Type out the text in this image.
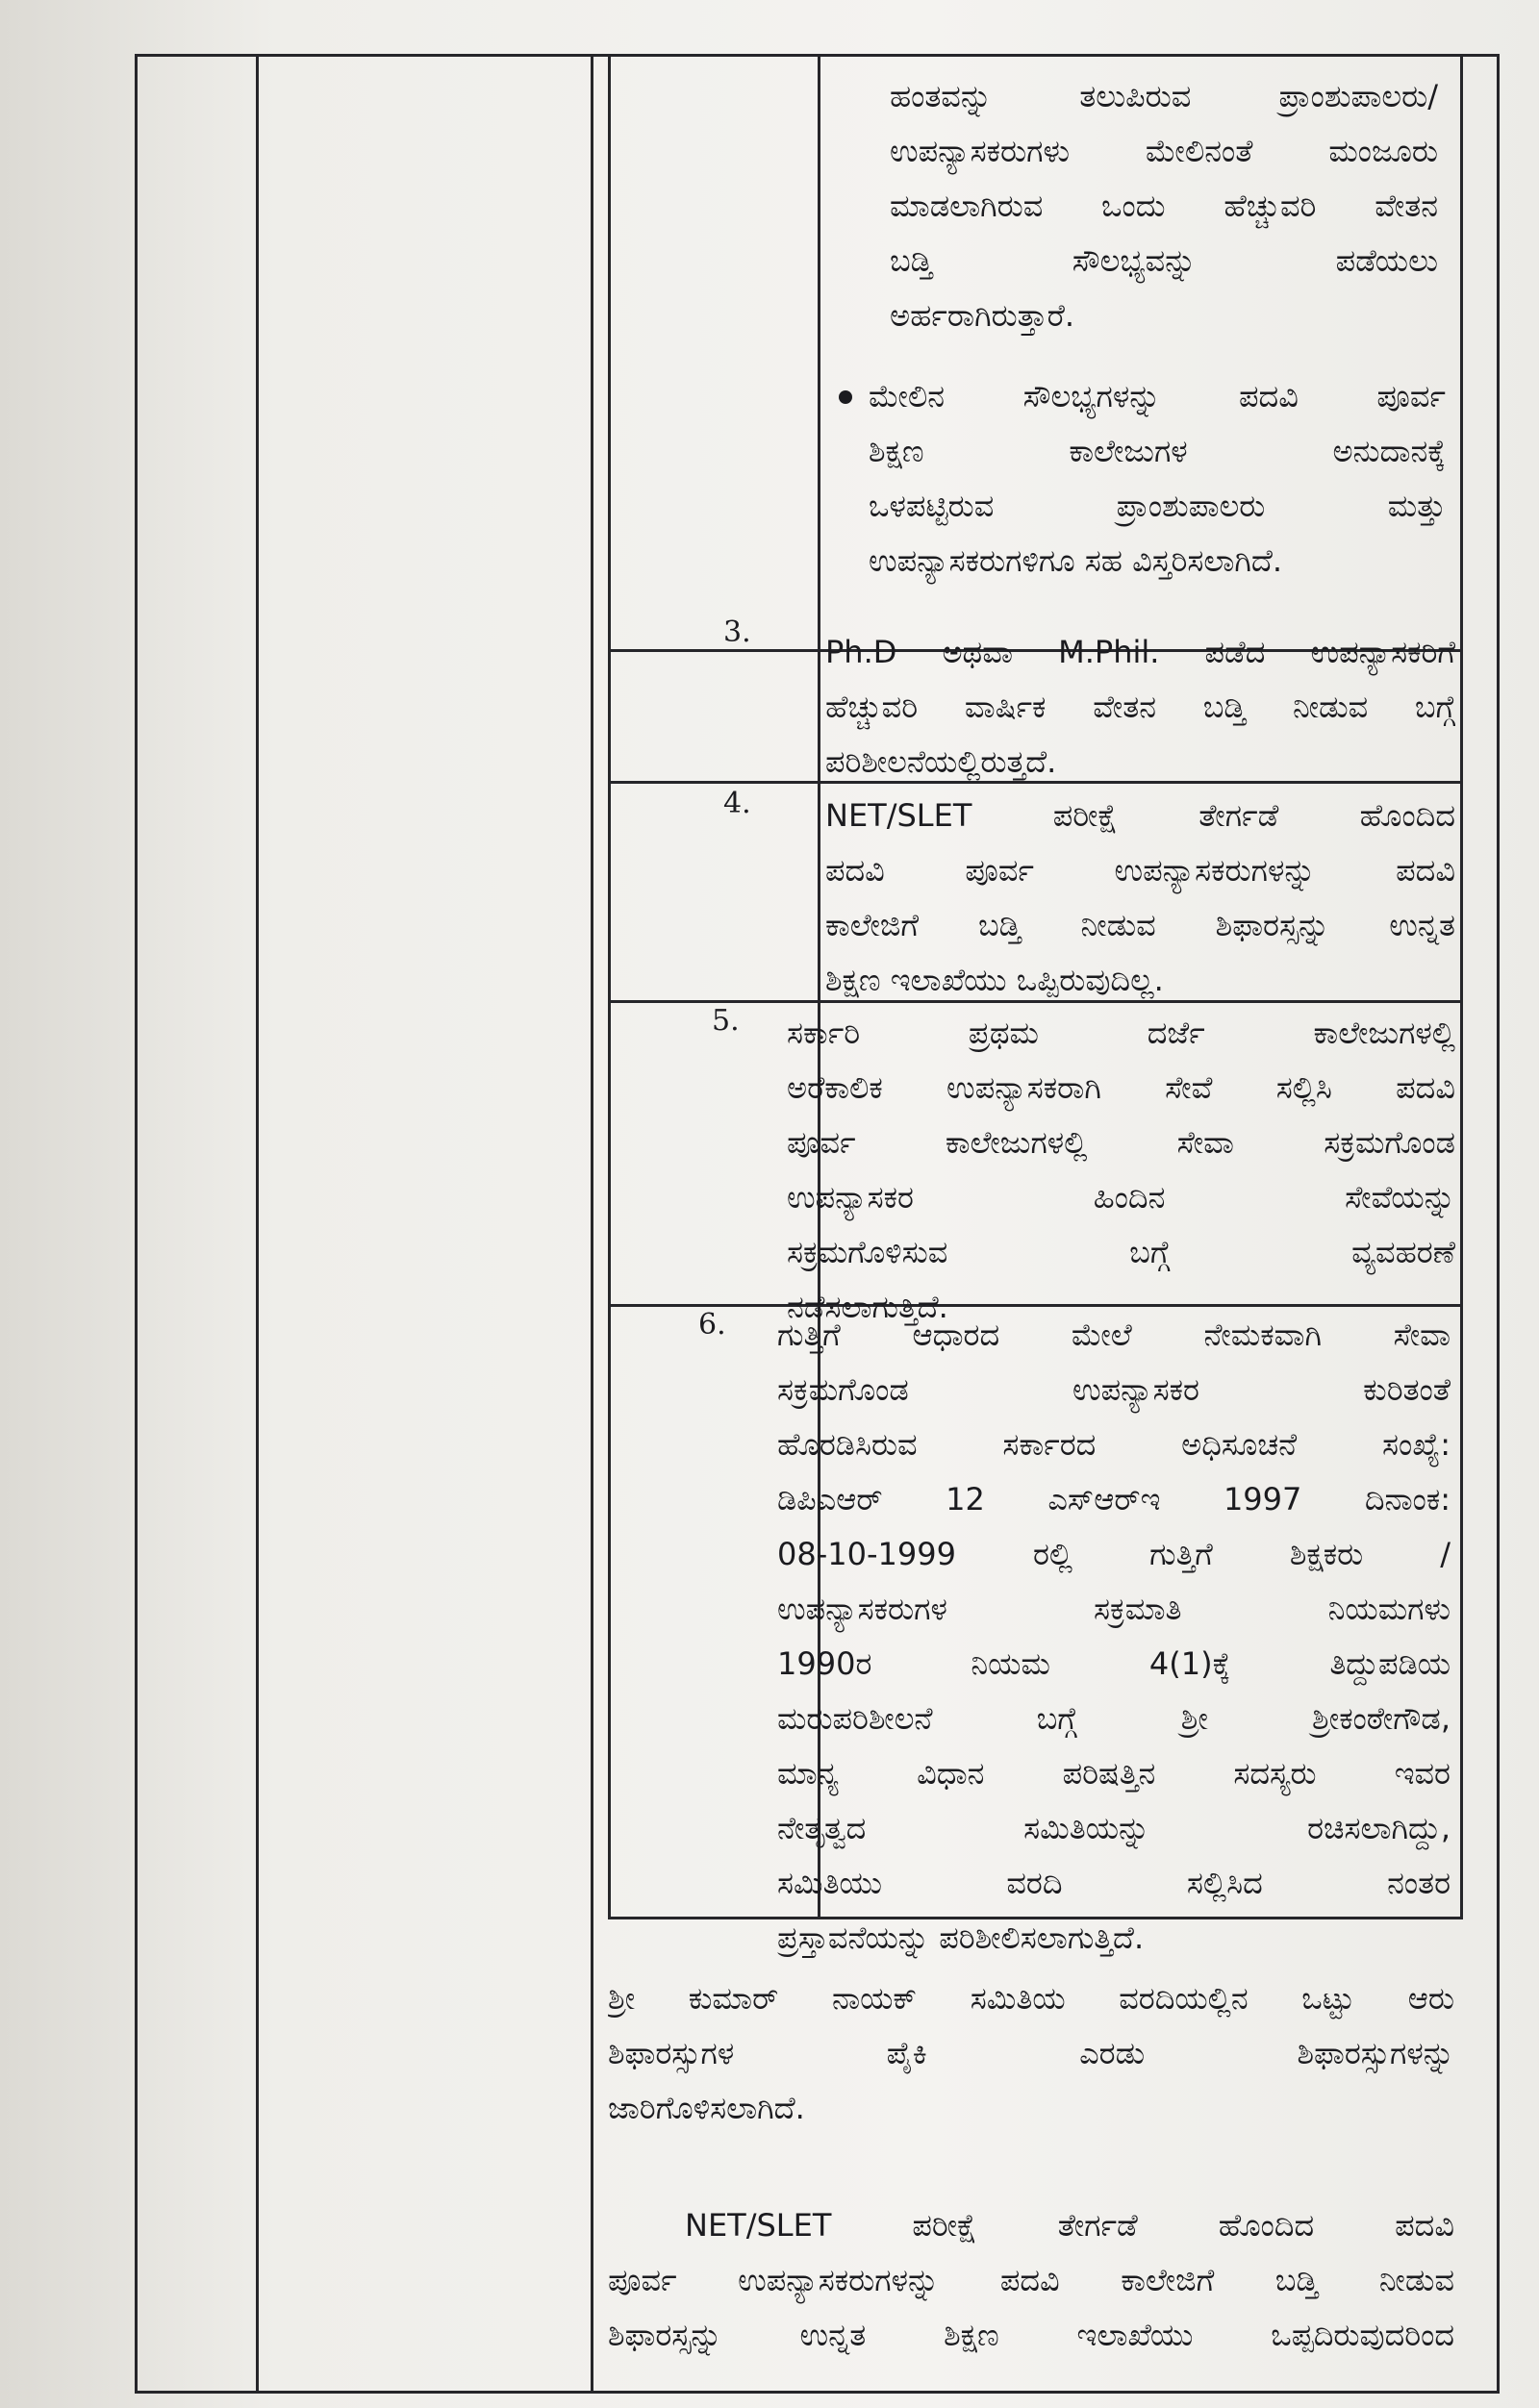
ಹಂತವನ್ನು ತಲುಪಿರುವ ಪ್ರಾಂಶುಪಾಲರು/
ಉಪನ್ಯಾಸಕರುಗಳು ಮೇಲಿನಂತೆ ಮಂಜೂರು
ಮಾಡಲಾಗಿರುವ ಒಂದು ಹೆಚ್ಚುವರಿ ವೇತನ
ಬಡ್ತಿ ಸೌಲಭ್ಯವನ್ನು ಪಡೆಯಲು
ಅರ್ಹರಾಗಿರುತ್ತಾರೆ.
ಮೇಲಿನ ಸೌಲಭ್ಯಗಳನ್ನು ಪದವಿ ಪೂರ್ವ
ಶಿಕ್ಷಣ ಕಾಲೇಜುಗಳ ಅನುದಾನಕ್ಕೆ
ಒಳಪಟ್ಟಿರುವ ಪ್ರಾಂಶುಪಾಲರು ಮತ್ತು
ಉಪನ್ಯಾಸಕರುಗಳಿಗೂ ಸಹ ವಿಸ್ತರಿಸಲಾಗಿದೆ.
3.
Ph.D ಅಥವಾ M.Phil. ಪಡೆದ ಉಪನ್ಯಾಸಕರಿಗೆ
ಹೆಚ್ಚುವರಿ ವಾರ್ಷಿಕ ವೇತನ ಬಡ್ತಿ ನೀಡುವ ಬಗ್ಗೆ
ಪರಿಶೀಲನೆಯಲ್ಲಿರುತ್ತದೆ.
4. NET/SLET ಪರೀಕ್ಷೆ ತೇರ್ಗಡೆ ಹೊಂದಿದ
ಪದವಿ ಪೂರ್ವ ಉಪನ್ಯಾಸಕರುಗಳನ್ನು ಪದವಿ
ಕಾಲೇಜಿಗೆ ಬಡ್ತಿ ನೀಡುವ ಶಿಫಾರಸ್ಸನ್ನು ಉನ್ನತ
ಶಿಕ್ಷಣ ಇಲಾಖೆಯು ಒಪ್ಪಿರುವುದಿಲ್ಲ.
5. ಸರ್ಕಾರಿ ಪ್ರಥಮ ದರ್ಜೆ ಕಾಲೇಜುಗಳಲ್ಲಿ
ಅರೆಕಾಲಿಕ ಉಪನ್ಯಾಸಕರಾಗಿ ಸೇವೆ ಸಲ್ಲಿಸಿ ಪದವಿ
ಪೂರ್ವ ಕಾಲೇಜುಗಳಲ್ಲಿ ಸೇವಾ ಸಕ್ರಮಗೊಂಡ
ಉಪನ್ಯಾಸಕರ ಹಿಂದಿನ ಸೇವೆಯನ್ನು
ಸಕ್ರಮಗೊಳಿಸುವ ಬಗ್ಗೆ ವ್ಯವಹರಣೆ
ನಡೆಸಲಾಗುತ್ತಿದೆ.
6. ಗುತ್ತಿಗೆ ಆಧಾರದ ಮೇಲೆ ನೇಮಕವಾಗಿ ಸೇವಾ
ಸಕ್ರಮಗೊಂಡ ಉಪನ್ಯಾಸಕರ ಕುರಿತಂತೆ
ಹೊರಡಿಸಿರುವ ಸರ್ಕಾರದ ಅಧಿಸೂಚನೆ ಸಂಖ್ಯೆ:
ಡಿಪಿಎಆರ್ 12 ಎಸ್‌ಆರ್‌ಇ 1997 ದಿನಾಂಕ:
08-10-1999 ರಲ್ಲಿ ಗುತ್ತಿಗೆ ಶಿಕ್ಷಕರು /
ಉಪನ್ಯಾಸಕರುಗಳ ಸಕ್ರಮಾತಿ ನಿಯಮಗಳು
1990ರ ನಿಯಮ 4(1)ಕ್ಕೆ ತಿದ್ದುಪಡಿಯ
ಮರುಪರಿಶೀಲನೆ ಬಗ್ಗೆ ಶ್ರೀ ಶ್ರೀಕಂಠೇಗೌಡ,
ಮಾನ್ಯ ವಿಧಾನ ಪರಿಷತ್ತಿನ ಸದಸ್ಯರು ಇವರ
ನೇತೃತ್ವದ ಸಮಿತಿಯನ್ನು ರಚಿಸಲಾಗಿದ್ದು,
ಸಮಿತಿಯು ವರದಿ ಸಲ್ಲಿಸಿದ ನಂತರ
ಪ್ರಸ್ತಾವನೆಯನ್ನು ಪರಿಶೀಲಿಸಲಾಗುತ್ತಿದೆ.
ಶ್ರೀ ಕುಮಾರ್ ನಾಯಕ್ ಸಮಿತಿಯ ವರದಿಯಲ್ಲಿನ ಒಟ್ಟು ಆರು
ಶಿಫಾರಸ್ಸುಗಳ ಪೈಕಿ ಎರಡು ಶಿಫಾರಸ್ಸುಗಳನ್ನು
ಜಾರಿಗೊಳಿಸಲಾಗಿದೆ.
NET/SLET ಪರೀಕ್ಷೆ ತೇರ್ಗಡೆ ಹೊಂದಿದ ಪದವಿ
ಪೂರ್ವ ಉಪನ್ಯಾಸಕರುಗಳನ್ನು ಪದವಿ ಕಾಲೇಜಿಗೆ ಬಡ್ತಿ ನೀಡುವ
ಶಿಫಾರಸ್ಸನ್ನು ಉನ್ನತ ಶಿಕ್ಷಣ ಇಲಾಖೆಯು ಒಪ್ಪದಿರುವುದರಿಂದ
